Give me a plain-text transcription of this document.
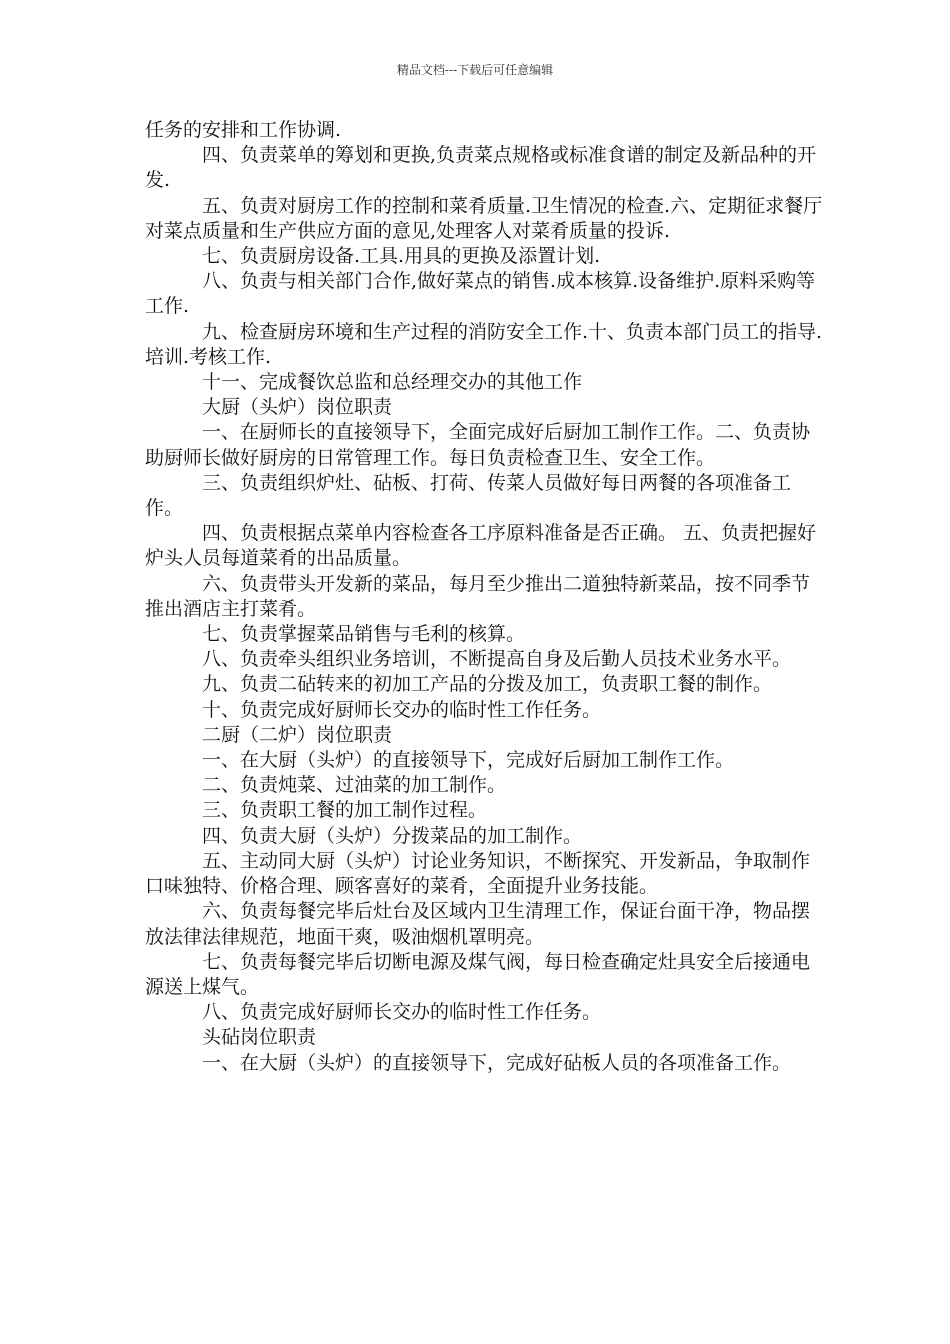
精品文档---下载后可任意编辑

任务的安排和工作协调.

四、负责菜单的筹划和更换,负责菜点规格或标准食谱的制定及新品种的开发.

五、负责对厨房工作的控制和菜肴质量.卫生情况的检查.六、定期征求餐厅对菜点质量和生产供应方面的意见,处理客人对菜肴质量的投诉.

七、负责厨房设备.工具.用具的更换及添置计划.

八、负责与相关部门合作,做好菜点的销售.成本核算.设备维护.原料采购等工作.

九、检查厨房环境和生产过程的消防安全工作.十、负责本部门员工的指导.培训.考核工作.

十一、完成餐饮总监和总经理交办的其他工作

大厨（头炉）岗位职责

一、在厨师长的直接领导下，全面完成好后厨加工制作工作。二、负责协助厨师长做好厨房的日常管理工作。每日负责检查卫生、安全工作。

三、负责组织炉灶、砧板、打荷、传菜人员做好每日两餐的各项准备工作。

四、负责根据点菜单内容检查各工序原料准备是否正确。 五、负责把握好炉头人员每道菜肴的出品质量。

六、负责带头开发新的菜品，每月至少推出二道独特新菜品，按不同季节推出酒店主打菜肴。

七、负责掌握菜品销售与毛利的核算。

八、负责牵头组织业务培训，不断提高自身及后勤人员技术业务水平。

九、负责二砧转来的初加工产品的分拨及加工，负责职工餐的制作。

十、负责完成好厨师长交办的临时性工作任务。

二厨（二炉）岗位职责

一、在大厨（头炉）的直接领导下，完成好后厨加工制作工作。

二、负责炖菜、过油菜的加工制作。

三、负责职工餐的加工制作过程。

四、负责大厨（头炉）分拨菜品的加工制作。

五、主动同大厨（头炉）讨论业务知识，不断探究、开发新品，争取制作口味独特、价格合理、顾客喜好的菜肴，全面提升业务技能。

六、负责每餐完毕后灶台及区域内卫生清理工作，保证台面干净，物品摆放法律法律规范，地面干爽，吸油烟机罩明亮。

七、负责每餐完毕后切断电源及煤气阀，每日检查确定灶具安全后接通电源送上煤气。

八、负责完成好厨师长交办的临时性工作任务。

头砧岗位职责

一、在大厨（头炉）的直接领导下，完成好砧板人员的各项准备工作。
